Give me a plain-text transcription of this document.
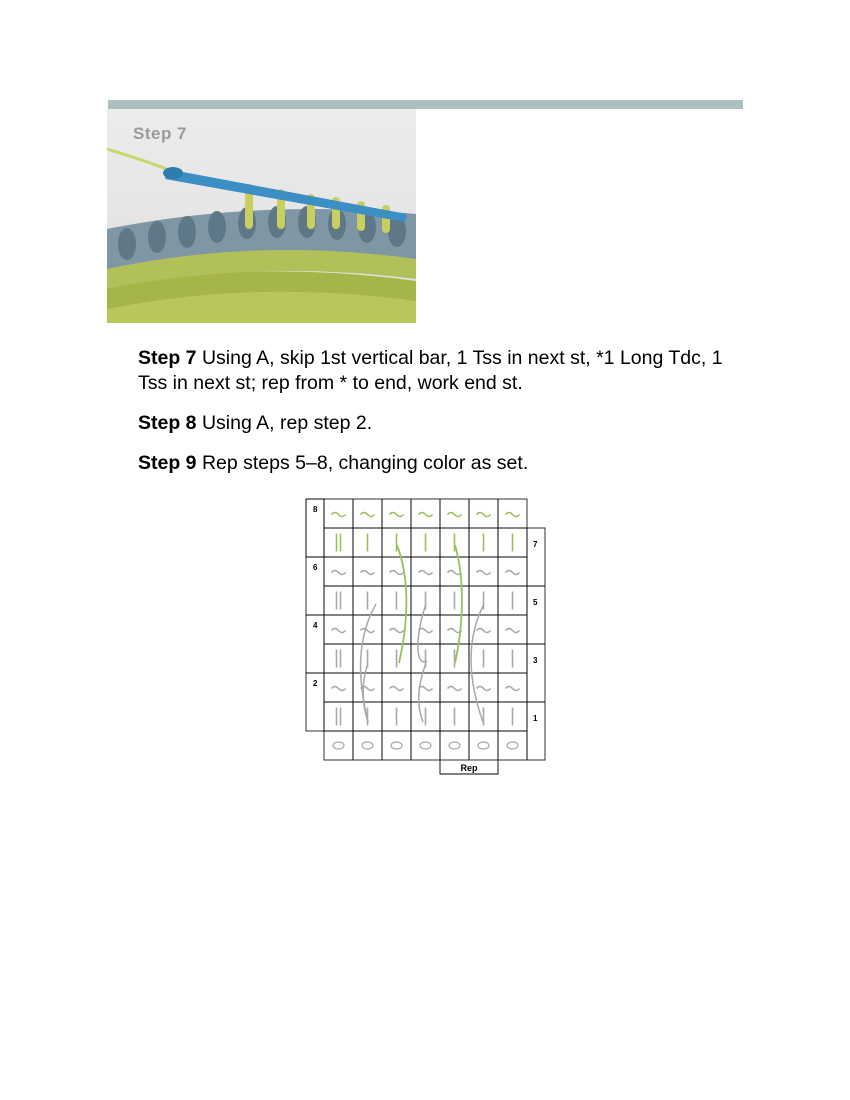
Step 7

Step 7 Using A, skip 1st vertical bar, 1 Tss in next st, *1 Long Tdc, 1 Tss in next st; rep from * to end, work end st.

Step 8 Using A, rep step 2.

Step 9 Rep steps 5–8, changing color as set.

8
6
4
2
7
5
3
1
Rep
